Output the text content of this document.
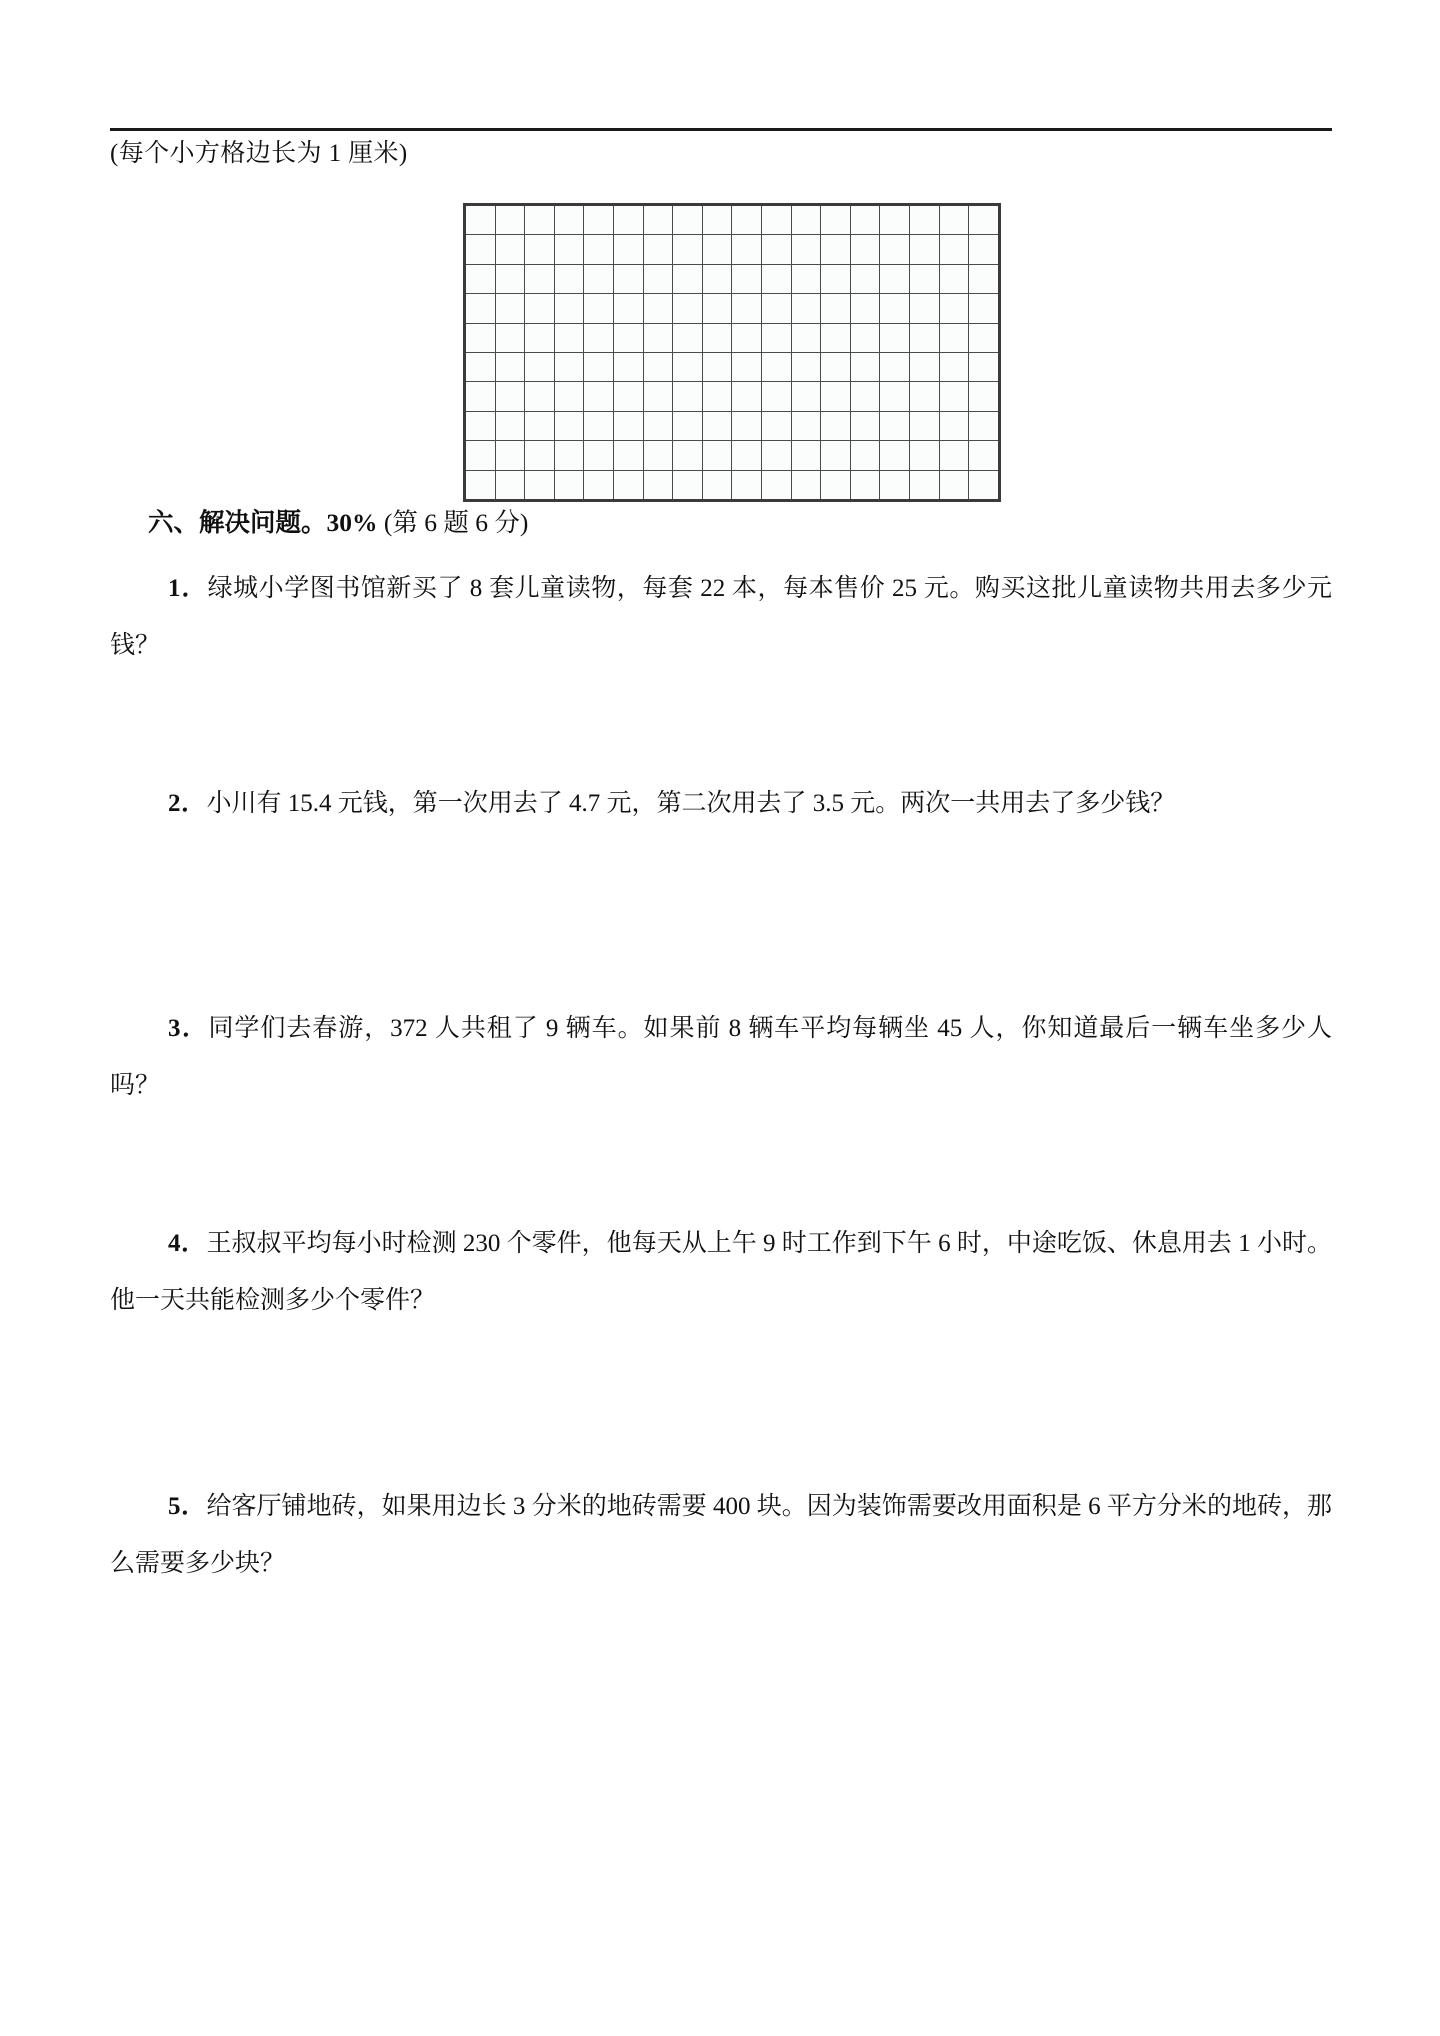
(每个小方格边长为 1 厘米)

六、解决问题。30% (第 6 题 6 分)
1．绿城小学图书馆新买了 8 套儿童读物，每套 22 本，每本售价 25 元。购买这批儿童读物共用去多少元钱？
2．小川有 15.4 元钱，第一次用去了 4.7 元，第二次用去了 3.5 元。两次一共用去了多少钱？
3．同学们去春游，372 人共租了 9 辆车。如果前 8 辆车平均每辆坐 45 人，你知道最后一辆车坐多少人吗？
4．王叔叔平均每小时检测 230 个零件，他每天从上午 9 时工作到下午 6 时，中途吃饭、休息用去 1 小时。他一天共能检测多少个零件？
5．给客厅铺地砖，如果用边长 3 分米的地砖需要 400 块。因为装饰需要改用面积是 6 平方分米的地砖，那么需要多少块？
